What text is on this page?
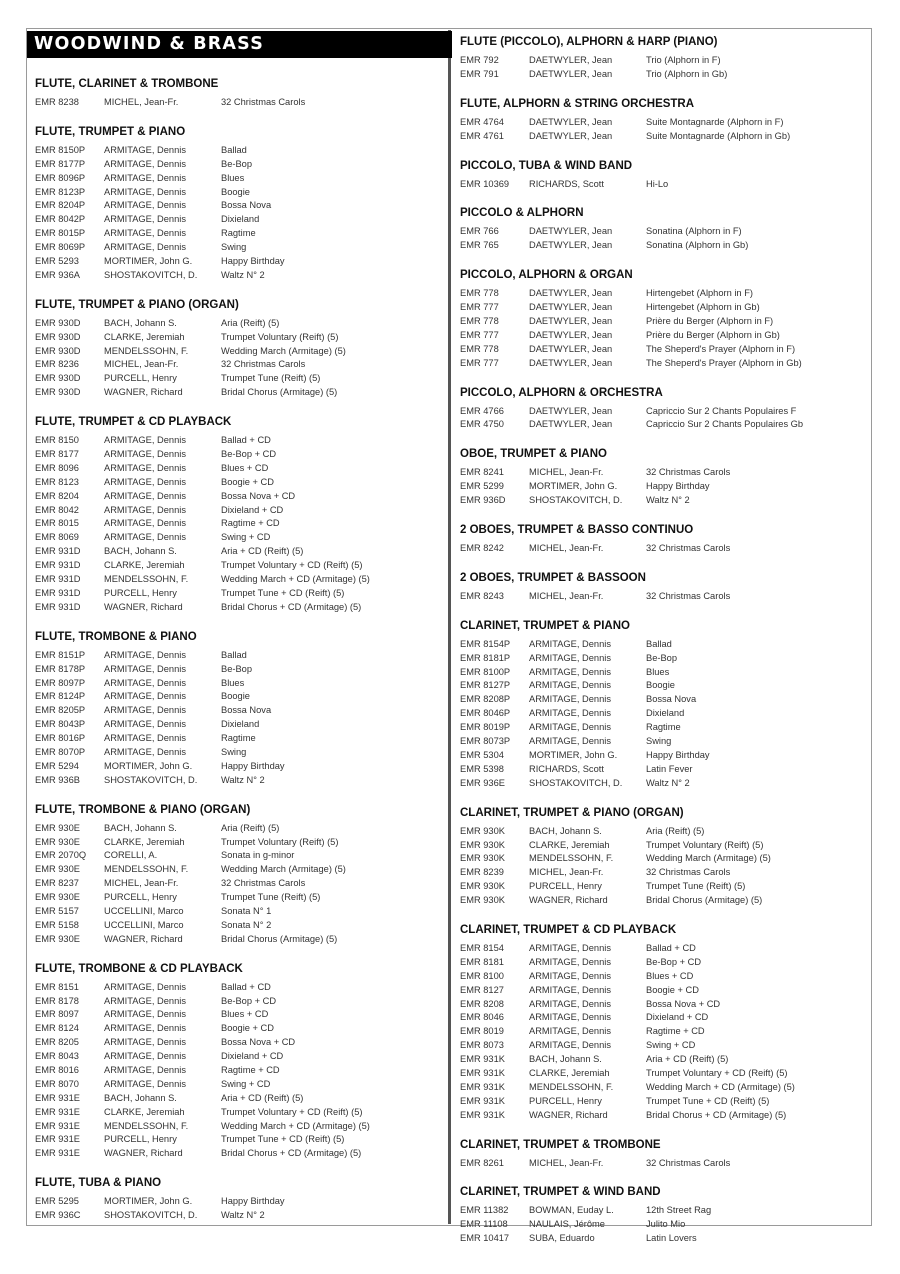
WOODWIND & BRASS
FLUTE, CLARINET & TROMBONE
EMR 8238	MICHEL, Jean-Fr.	32 Christmas Carols
FLUTE, TRUMPET & PIANO
EMR 8150P	ARMITAGE, Dennis	Ballad
EMR 8177P	ARMITAGE, Dennis	Be-Bop
EMR 8096P	ARMITAGE, Dennis	Blues
EMR 8123P	ARMITAGE, Dennis	Boogie
EMR 8204P	ARMITAGE, Dennis	Bossa Nova
EMR 8042P	ARMITAGE, Dennis	Dixieland
EMR 8015P	ARMITAGE, Dennis	Ragtime
EMR 8069P	ARMITAGE, Dennis	Swing
EMR 5293	MORTIMER, John G.	Happy Birthday
EMR 936A	SHOSTAKOVITCH, D.	Waltz N° 2
FLUTE, TRUMPET & PIANO (ORGAN)
EMR 930D	BACH, Johann S.	Aria (Reift) (5)
EMR 930D	CLARKE, Jeremiah	Trumpet Voluntary (Reift) (5)
EMR 930D	MENDELSSOHN, F.	Wedding March (Armitage) (5)
EMR 8236	MICHEL, Jean-Fr.	32 Christmas Carols
EMR 930D	PURCELL, Henry	Trumpet Tune (Reift) (5)
EMR 930D	WAGNER, Richard	Bridal Chorus (Armitage) (5)
FLUTE, TRUMPET & CD PLAYBACK
EMR 8150	ARMITAGE, Dennis	Ballad + CD
EMR 8177	ARMITAGE, Dennis	Be-Bop + CD
EMR 8096	ARMITAGE, Dennis	Blues + CD
EMR 8123	ARMITAGE, Dennis	Boogie + CD
EMR 8204	ARMITAGE, Dennis	Bossa Nova + CD
EMR 8042	ARMITAGE, Dennis	Dixieland + CD
EMR 8015	ARMITAGE, Dennis	Ragtime + CD
EMR 8069	ARMITAGE, Dennis	Swing + CD
EMR 931D	BACH, Johann S.	Aria + CD (Reift) (5)
EMR 931D	CLARKE, Jeremiah	Trumpet Voluntary + CD (Reift) (5)
EMR 931D	MENDELSSOHN, F.	Wedding March + CD (Armitage) (5)
EMR 931D	PURCELL, Henry	Trumpet Tune + CD (Reift) (5)
EMR 931D	WAGNER, Richard	Bridal Chorus + CD (Armitage) (5)
FLUTE, TROMBONE & PIANO
EMR 8151P	ARMITAGE, Dennis	Ballad
EMR 8178P	ARMITAGE, Dennis	Be-Bop
EMR 8097P	ARMITAGE, Dennis	Blues
EMR 8124P	ARMITAGE, Dennis	Boogie
EMR 8205P	ARMITAGE, Dennis	Bossa Nova
EMR 8043P	ARMITAGE, Dennis	Dixieland
EMR 8016P	ARMITAGE, Dennis	Ragtime
EMR 8070P	ARMITAGE, Dennis	Swing
EMR 5294	MORTIMER, John G.	Happy Birthday
EMR 936B	SHOSTAKOVITCH, D.	Waltz N° 2
FLUTE, TROMBONE & PIANO (ORGAN)
EMR 930E	BACH, Johann S.	Aria (Reift) (5)
EMR 930E	CLARKE, Jeremiah	Trumpet Voluntary (Reift) (5)
EMR 2070Q	CORELLI, A.	Sonata in g-minor
EMR 930E	MENDELSSOHN, F.	Wedding March (Armitage) (5)
EMR 8237	MICHEL, Jean-Fr.	32 Christmas Carols
EMR 930E	PURCELL, Henry	Trumpet Tune (Reift) (5)
EMR 5157	UCCELLINI, Marco	Sonata N° 1
EMR 5158	UCCELLINI, Marco	Sonata N° 2
EMR 930E	WAGNER, Richard	Bridal Chorus (Armitage) (5)
FLUTE, TROMBONE & CD PLAYBACK
EMR 8151	ARMITAGE, Dennis	Ballad + CD
EMR 8178	ARMITAGE, Dennis	Be-Bop + CD
EMR 8097	ARMITAGE, Dennis	Blues + CD
EMR 8124	ARMITAGE, Dennis	Boogie + CD
EMR 8205	ARMITAGE, Dennis	Bossa Nova + CD
EMR 8043	ARMITAGE, Dennis	Dixieland + CD
EMR 8016	ARMITAGE, Dennis	Ragtime + CD
EMR 8070	ARMITAGE, Dennis	Swing + CD
EMR 931E	BACH, Johann S.	Aria + CD (Reift) (5)
EMR 931E	CLARKE, Jeremiah	Trumpet Voluntary + CD (Reift) (5)
EMR 931E	MENDELSSOHN, F.	Wedding March + CD (Armitage) (5)
EMR 931E	PURCELL, Henry	Trumpet Tune + CD (Reift) (5)
EMR 931E	WAGNER, Richard	Bridal Chorus + CD (Armitage) (5)
FLUTE, TUBA & PIANO
EMR 5295	MORTIMER, John G.	Happy Birthday
EMR 936C	SHOSTAKOVITCH, D.	Waltz N° 2
FLUTE (PICCOLO), ALPHORN & HARP (PIANO)
EMR 792	DAETWYLER, Jean	Trio (Alphorn in F)
EMR 791	DAETWYLER, Jean	Trio (Alphorn in Gb)
FLUTE, ALPHORN & STRING ORCHESTRA
EMR 4764	DAETWYLER, Jean	Suite Montagnarde (Alphorn in F)
EMR 4761	DAETWYLER, Jean	Suite Montagnarde (Alphorn in Gb)
PICCOLO, TUBA & WIND BAND
EMR 10369	RICHARDS, Scott	Hi-Lo
PICCOLO & ALPHORN
EMR 766	DAETWYLER, Jean	Sonatina (Alphorn in F)
EMR 765	DAETWYLER, Jean	Sonatina (Alphorn in Gb)
PICCOLO, ALPHORN & ORGAN
EMR 778	DAETWYLER, Jean	Hirtengebet (Alphorn in F)
EMR 777	DAETWYLER, Jean	Hirtengebet (Alphorn in Gb)
EMR 778	DAETWYLER, Jean	Prière du Berger (Alphorn in F)
EMR 777	DAETWYLER, Jean	Prière du Berger (Alphorn in Gb)
EMR 778	DAETWYLER, Jean	The Sheperd's Prayer (Alphorn in F)
EMR 777	DAETWYLER, Jean	The Sheperd's Prayer (Alphorn in Gb)
PICCOLO, ALPHORN & ORCHESTRA
EMR 4766	DAETWYLER, Jean	Capriccio Sur 2 Chants Populaires F
EMR 4750	DAETWYLER, Jean	Capriccio Sur 2 Chants Populaires Gb
OBOE, TRUMPET & PIANO
EMR 8241	MICHEL, Jean-Fr.	32 Christmas Carols
EMR 5299	MORTIMER, John G.	Happy Birthday
EMR 936D	SHOSTAKOVITCH, D.	Waltz N° 2
2 OBOES, TRUMPET & BASSO CONTINUO
EMR 8242	MICHEL, Jean-Fr.	32 Christmas Carols
2 OBOES, TRUMPET & BASSOON
EMR 8243	MICHEL, Jean-Fr.	32 Christmas Carols
CLARINET, TRUMPET & PIANO
EMR 8154P	ARMITAGE, Dennis	Ballad
EMR 8181P	ARMITAGE, Dennis	Be-Bop
EMR 8100P	ARMITAGE, Dennis	Blues
EMR 8127P	ARMITAGE, Dennis	Boogie
EMR 8208P	ARMITAGE, Dennis	Bossa Nova
EMR 8046P	ARMITAGE, Dennis	Dixieland
EMR 8019P	ARMITAGE, Dennis	Ragtime
EMR 8073P	ARMITAGE, Dennis	Swing
EMR 5304	MORTIMER, John G.	Happy Birthday
EMR 5398	RICHARDS, Scott	Latin Fever
EMR 936E	SHOSTAKOVITCH, D.	Waltz N° 2
CLARINET, TRUMPET & PIANO (ORGAN)
EMR 930K	BACH, Johann S.	Aria (Reift) (5)
EMR 930K	CLARKE, Jeremiah	Trumpet Voluntary (Reift) (5)
EMR 930K	MENDELSSOHN, F.	Wedding March (Armitage) (5)
EMR 8239	MICHEL, Jean-Fr.	32 Christmas Carols
EMR 930K	PURCELL, Henry	Trumpet Tune (Reift) (5)
EMR 930K	WAGNER, Richard	Bridal Chorus (Armitage) (5)
CLARINET, TRUMPET & CD PLAYBACK
EMR 8154	ARMITAGE, Dennis	Ballad + CD
EMR 8181	ARMITAGE, Dennis	Be-Bop + CD
EMR 8100	ARMITAGE, Dennis	Blues + CD
EMR 8127	ARMITAGE, Dennis	Boogie + CD
EMR 8208	ARMITAGE, Dennis	Bossa Nova + CD
EMR 8046	ARMITAGE, Dennis	Dixieland + CD
EMR 8019	ARMITAGE, Dennis	Ragtime + CD
EMR 8073	ARMITAGE, Dennis	Swing + CD
EMR 931K	BACH, Johann S.	Aria + CD (Reift) (5)
EMR 931K	CLARKE, Jeremiah	Trumpet Voluntary + CD (Reift) (5)
EMR 931K	MENDELSSOHN, F.	Wedding March + CD (Armitage) (5)
EMR 931K	PURCELL, Henry	Trumpet Tune + CD (Reift) (5)
EMR 931K	WAGNER, Richard	Bridal Chorus + CD (Armitage) (5)
CLARINET, TRUMPET & TROMBONE
EMR 8261	MICHEL, Jean-Fr.	32 Christmas Carols
CLARINET, TRUMPET & WIND BAND
EMR 11382	BOWMAN, Euday L.	12th Street Rag
EMR 11108	NAULAIS, Jérôme	Julito Mio
EMR 10417	SUBA, Eduardo	Latin Lovers
